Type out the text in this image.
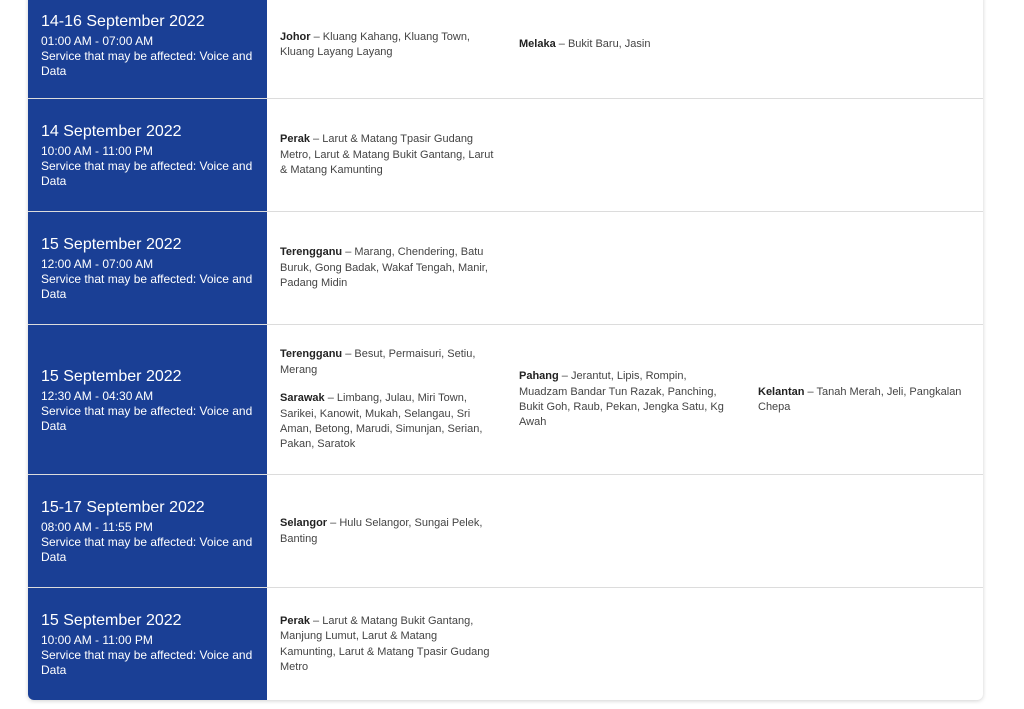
14-16 September 2022
01:00 AM - 07:00 AM
Service that may be affected: Voice and Data
Johor – Kluang Kahang, Kluang Town, Kluang Layang Layang
Melaka – Bukit Baru, Jasin
14 September 2022
10:00 AM - 11:00 PM
Service that may be affected: Voice and Data
Perak – Larut & Matang Tpasir Gudang Metro, Larut & Matang Bukit Gantang, Larut & Matang Kamunting
15 September 2022
12:00 AM - 07:00 AM
Service that may be affected: Voice and Data
Terengganu – Marang, Chendering, Batu Buruk, Gong Badak, Wakaf Tengah, Manir, Padang Midin
15 September 2022
12:30 AM - 04:30 AM
Service that may be affected: Voice and Data
Terengganu – Besut, Permaisuri, Setiu, Merang
Sarawak – Limbang, Julau, Miri Town, Sarikei, Kanowit, Mukah, Selangau, Sri Aman, Betong, Marudi, Simunjan, Serian, Pakan, Saratok
Pahang – Jerantut, Lipis, Rompin, Muadzam Bandar Tun Razak, Panching, Bukit Goh, Raub, Pekan, Jengka Satu, Kg Awah
Kelantan – Tanah Merah, Jeli, Pangkalan Chepa
15-17 September 2022
08:00 AM - 11:55 PM
Service that may be affected: Voice and Data
Selangor – Hulu Selangor, Sungai Pelek, Banting
15 September 2022
10:00 AM - 11:00 PM
Service that may be affected: Voice and Data
Perak – Larut & Matang Bukit Gantang, Manjung Lumut, Larut & Matang Kamunting, Larut & Matang Tpasir Gudang Metro
